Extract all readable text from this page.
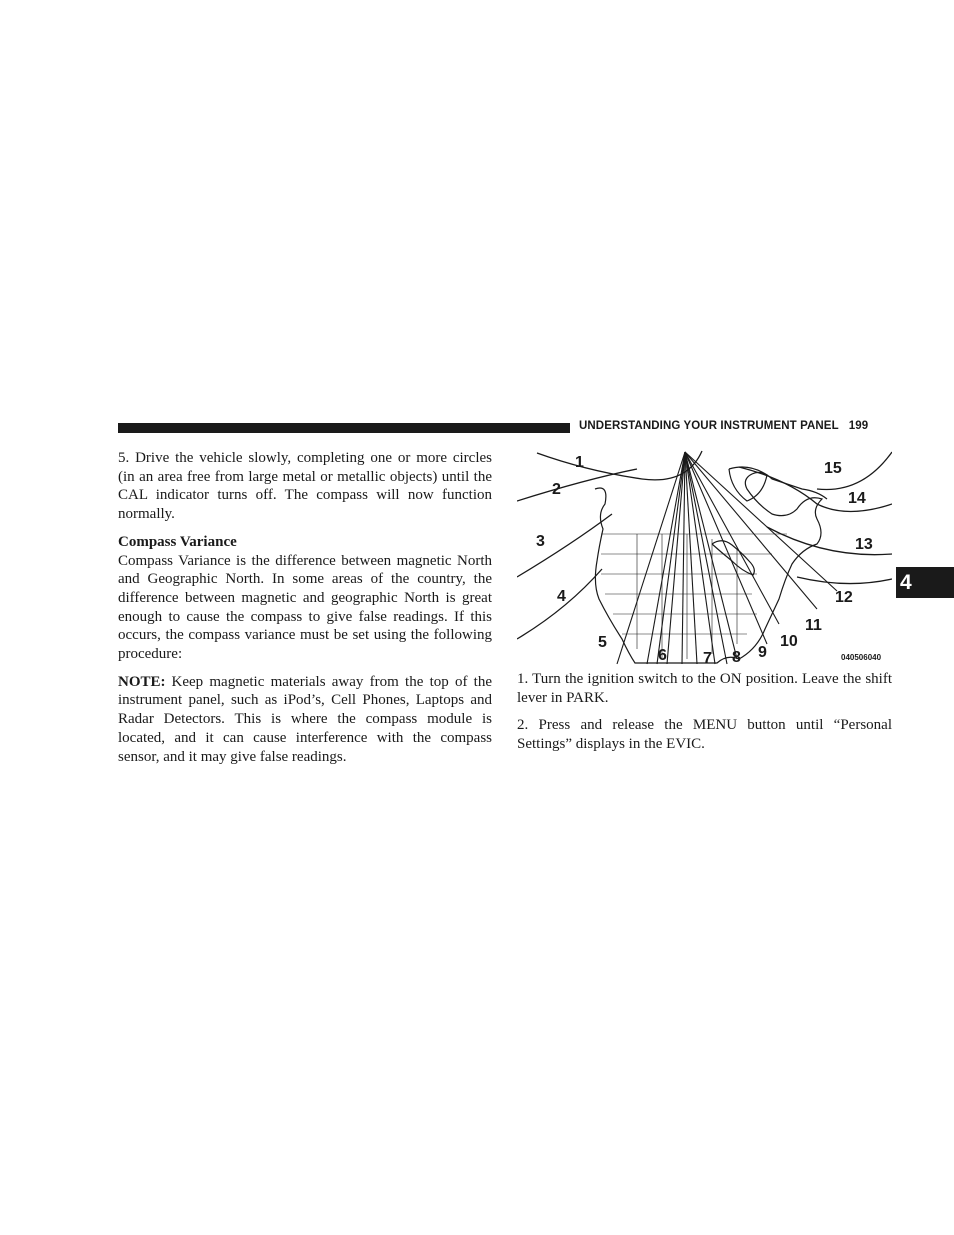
UNDERSTANDING YOUR INSTRUMENT PANEL 199
4

5. Drive the vehicle slowly, completing one or more circles (in an area free from large metal or metallic objects) until the CAL indicator turns off. The compass will now function normally.

Compass Variance

Compass Variance is the difference between magnetic North and Geographic North. In some areas of the country, the difference between magnetic and geographic North is great enough to cause the compass to give false readings. If this occurs, the compass variance must be set using the following procedure:

NOTE: Keep magnetic materials away from the top of the instrument panel, such as iPod’s, Cell Phones, Laptops and Radar Detectors. This is where the compass module is located, and it can cause interference with the compass sensor, and it may give false readings.

1
2
3
4
5
6 7 8 9
10
11
12
13
14
15
040506040

1. Turn the ignition switch to the ON position. Leave the shift lever in PARK.

2. Press and release the MENU button until “Personal Settings” displays in the EVIC.
